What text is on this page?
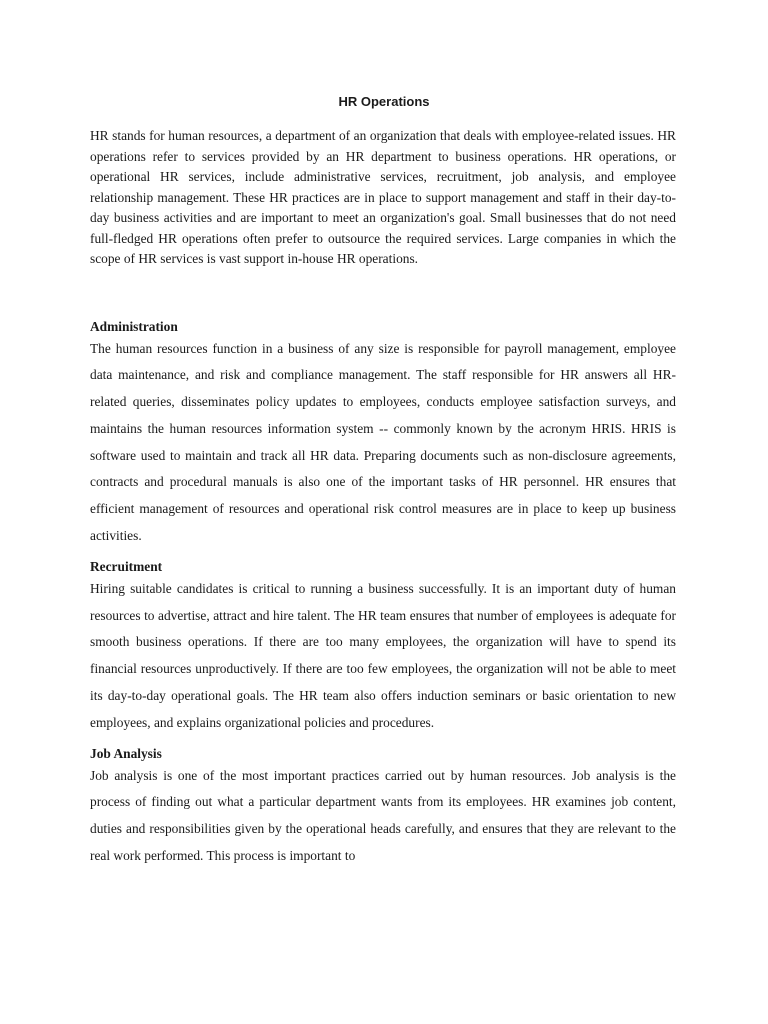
HR Operations

HR stands for human resources, a department of an organization that deals with employee-related issues. HR operations refer to services provided by an HR department to business operations. HR operations, or operational HR services, include administrative services, recruitment, job analysis, and employee relationship management. These HR practices are in place to support management and staff in their day-to-day business activities and are important to meet an organization's goal. Small businesses that do not need full-fledged HR operations often prefer to outsource the required services. Large companies in which the scope of HR services is vast support in-house HR operations.

Administration

The human resources function in a business of any size is responsible for payroll management, employee data maintenance, and risk and compliance management. The staff responsible for HR answers all HR-related queries, disseminates policy updates to employees, conducts employee satisfaction surveys, and maintains the human resources information system -- commonly known by the acronym HRIS. HRIS is software used to maintain and track all HR data. Preparing documents such as non-disclosure agreements, contracts and procedural manuals is also one of the important tasks of HR personnel. HR ensures that efficient management of resources and operational risk control measures are in place to keep up business activities.

Recruitment

Hiring suitable candidates is critical to running a business successfully. It is an important duty of human resources to advertise, attract and hire talent. The HR team ensures that number of employees is adequate for smooth business operations. If there are too many employees, the organization will have to spend its financial resources unproductively. If there are too few employees, the organization will not be able to meet its day-to-day operational goals. The HR team also offers induction seminars or basic orientation to new employees, and explains organizational policies and procedures.

Job Analysis

Job analysis is one of the most important practices carried out by human resources. Job analysis is the process of finding out what a particular department wants from its employees. HR examines job content, duties and responsibilities given by the operational heads carefully, and ensures that they are relevant to the real work performed. This process is important to
